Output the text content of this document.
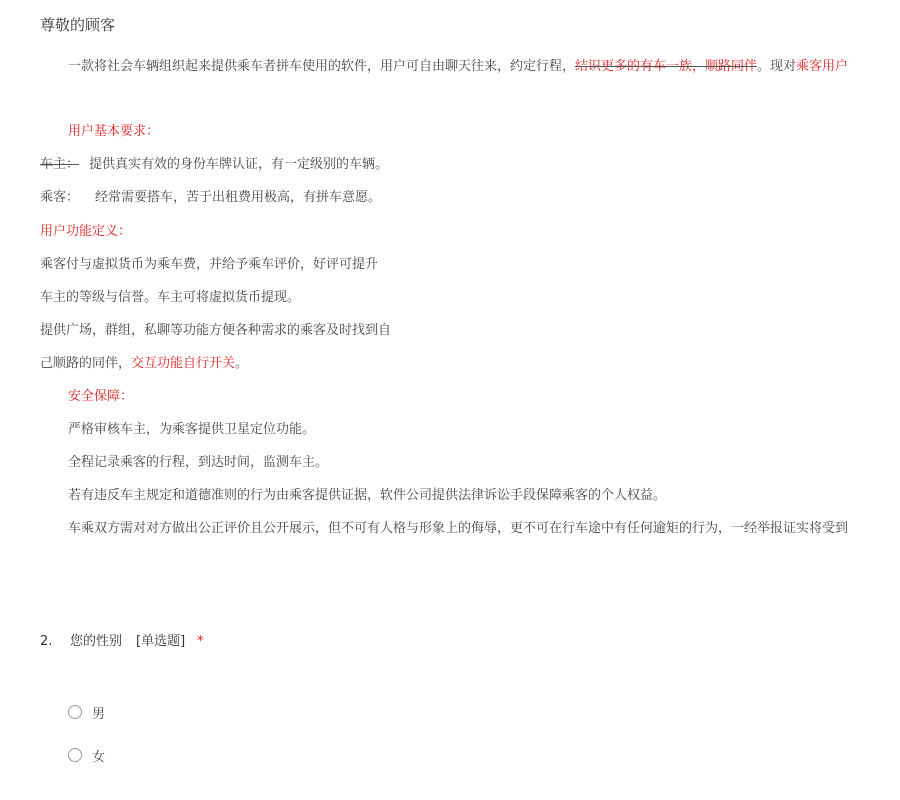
尊敬的顾客
一款将社会车辆组织起来提供乘车者拼车使用的软件，用户可自由聊天往来，约定行程，结识更多的有车一族，顺路同伴。现对乘客用户
用户基本要求：
车主： 提供真实有效的身份车牌认证，有一定级别的车辆。
乘客： 经常需要搭车，苦于出租费用极高，有拼车意愿。
用户功能定义：
乘客付与虚拟货币为乘车费，并给予乘车评价，好评可提升
车主的等级与信誉。车主可将虚拟货币提现。
提供广场，群组，私聊等功能方便各种需求的乘客及时找到自
己顺路的同伴，交互功能自行开关。
安全保障：
严格审核车主，为乘客提供卫星定位功能。
全程记录乘客的行程，到达时间，监测车主。
若有违反车主规定和道德准则的行为由乘客提供证据，软件公司提供法律诉讼手段保障乘客的个人权益。
车乘双方需对对方做出公正评价且公开展示，但不可有人格与形象上的侮辱，更不可在行车途中有任何逾矩的行为，一经举报证实将受到
2. 您的性别 [单选题] *
男
女
